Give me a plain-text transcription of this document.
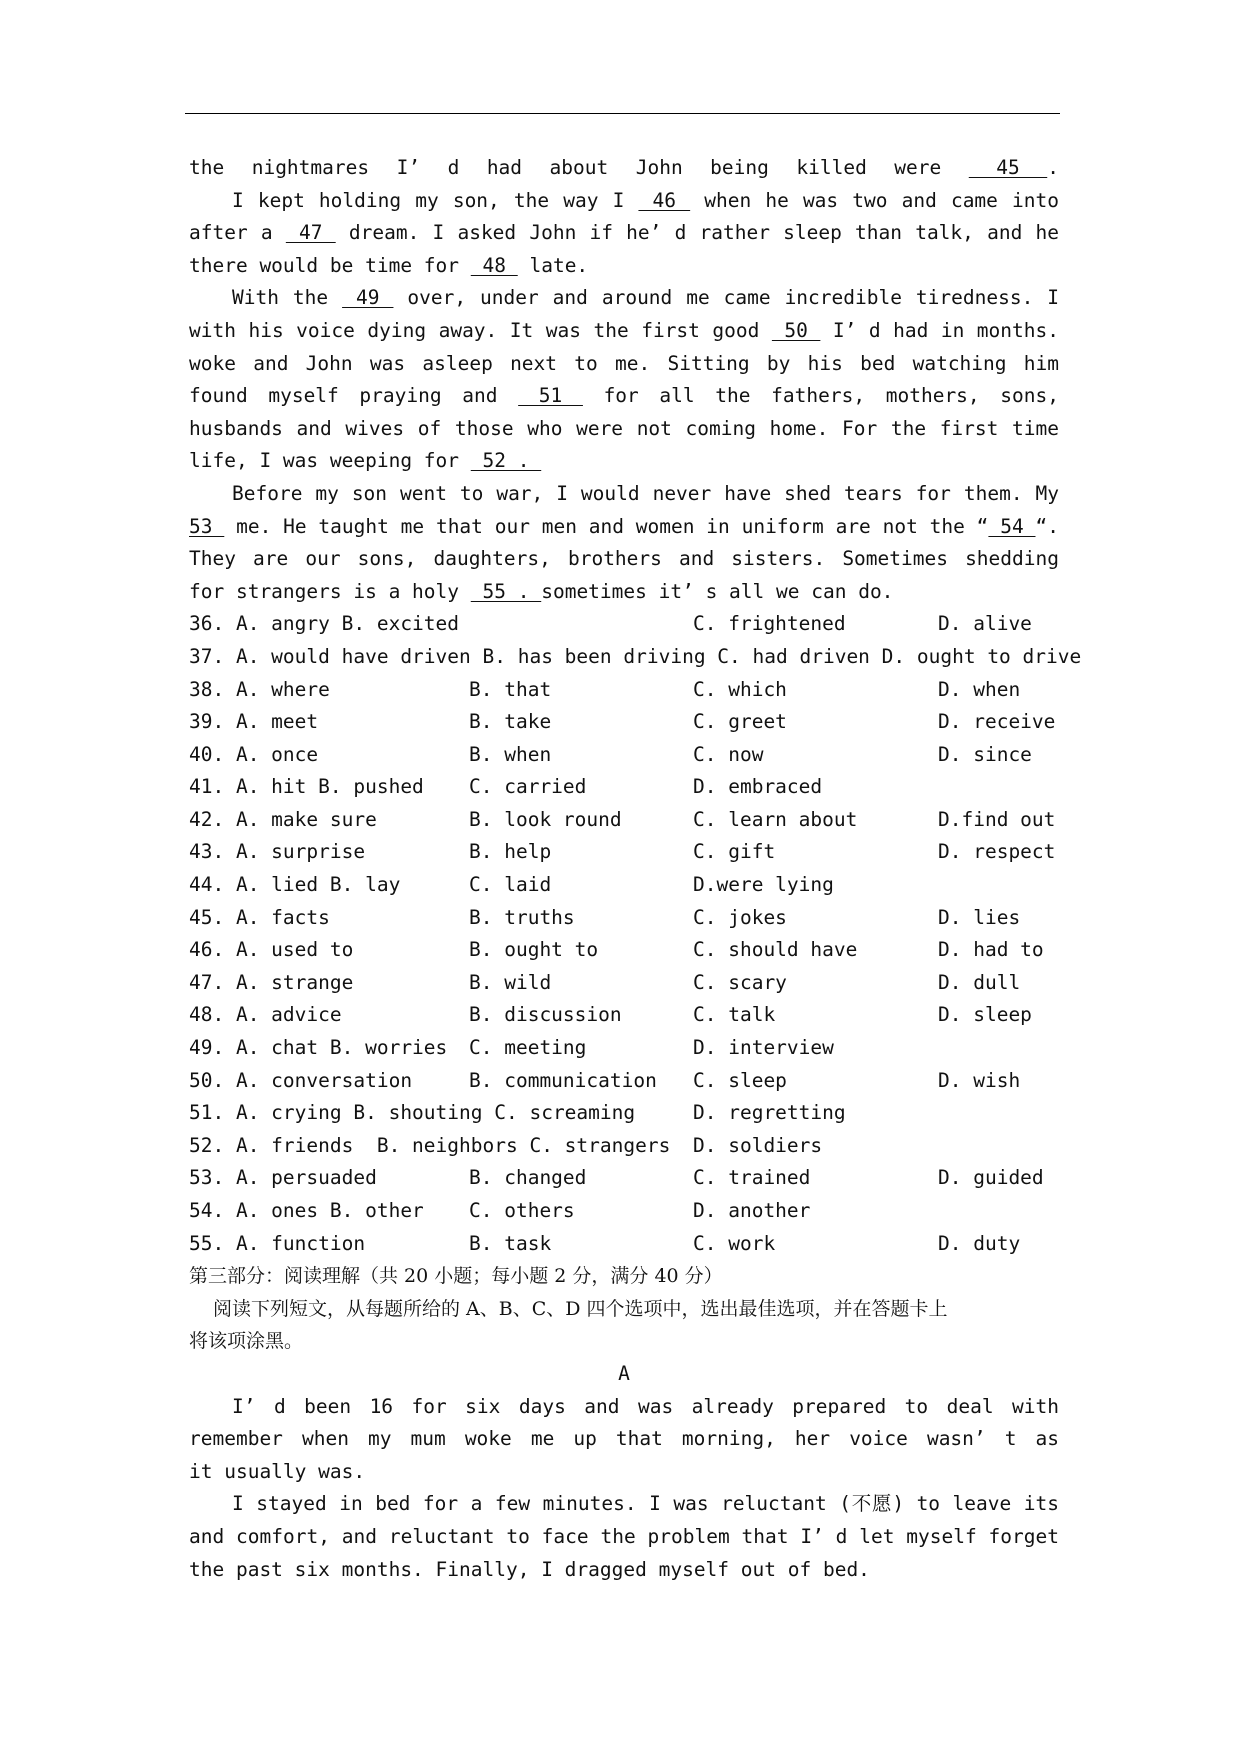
the nightmares I’ d had about John being killed were  45 .
I kept holding my son, the way I  46  when he was two and came into
after a  47  dream. I asked John if he’ d rather sleep than talk, and he
there would be time for  48  late.
With the  49  over, under and around me came incredible tiredness. I
with his voice dying away. It was the first good  50  I’ d had in months.
woke and John was asleep next to me. Sitting by his bed watching him
found myself praying and  51  for all the fathers, mothers, sons,
husbands and wives of those who were not coming home. For the first time
life, I was weeping for  52 .
Before my son went to war, I would never have shed tears for them. My
53  me. He taught me that our men and women in uniform are not the “ 54 “.
They are our sons, daughters, brothers and sisters. Sometimes shedding
for strangers is a holy  55 . sometimes it’ s all we can do.
36. A. angry B. excited	C. frightened	D. alive
37. A. would have driven B. has been driving C. had driven D. ought to drive
38. A. where	B. that	C. which	D. when
39. A. meet	B. take	C. greet	D. receive
40. A. once	B. when	C. now	D. since
41. A. hit B. pushed	C. carried	D. embraced
42. A. make sure	B. look round	C. learn about	D.find out
43. A. surprise	B. help	C. gift	D. respect
44. A. lied B. lay	C. laid	D.were lying
45. A. facts	B. truths	C. jokes	D. lies
46. A. used to	B. ought to	C. should have	D. had to
47. A. strange	B. wild	C. scary	D. dull
48. A. advice	B. discussion	C. talk	D. sleep
49. A. chat B. worries	C. meeting	D. interview
50. A. conversation	B. communication	C. sleep	D. wish
51. A. crying B. shouting C. screaming	D. regretting
52. A. friends  B. neighbors C. strangers	D. soldiers
53. A. persuaded	B. changed	C. trained	D. guided
54. A. ones B. other	C. others	D. another
55. A. function	B. task	C. work	D. duty
第三部分：阅读理解（共 20 小题；每小题 2 分，满分 40 分）
阅读下列短文，从每题所给的 A、B、C、D 四个选项中，选出最佳选项，并在答题卡上
将该项涂黑。
A
I’ d been 16 for six days and was already prepared to deal with
remember when my mum woke me up that morning, her voice wasn’ t as
it usually was.
I stayed in bed for a few minutes. I was reluctant (不愿) to leave its
and comfort, and reluctant to face the problem that I’ d let myself forget
the past six months. Finally, I dragged myself out of bed.
